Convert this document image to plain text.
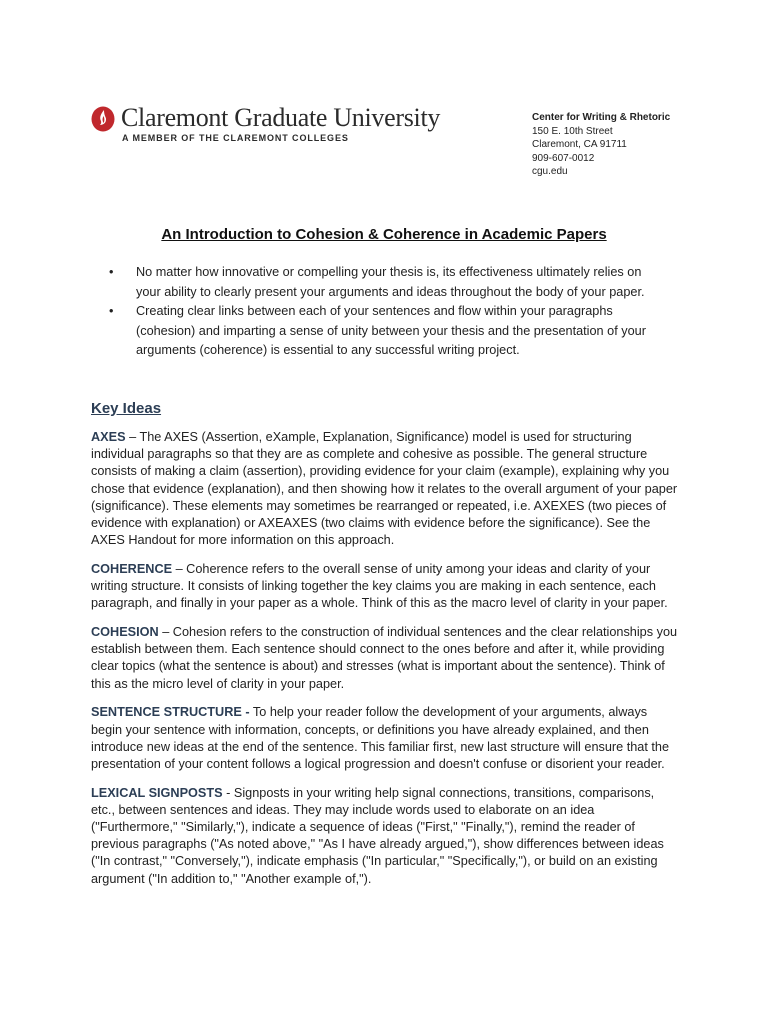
Claremont Graduate University
A MEMBER OF THE CLAREMONT COLLEGES
Center for Writing & Rhetoric
150 E. 10th Street
Claremont, CA 91711
909-607-0012
cgu.edu
An Introduction to Cohesion & Coherence in Academic Papers
• No matter how innovative or compelling your thesis is, its effectiveness ultimately relies on your ability to clearly present your arguments and ideas throughout the body of your paper.
• Creating clear links between each of your sentences and flow within your paragraphs (cohesion) and imparting a sense of unity between your thesis and the presentation of your arguments (coherence) is essential to any successful writing project.
Key Ideas

AXES – The AXES (Assertion, eXample, Explanation, Significance) model is used for structuring individual paragraphs so that they are as complete and cohesive as possible. The general structure consists of making a claim (assertion), providing evidence for your claim (example), explaining why you chose that evidence (explanation), and then showing how it relates to the overall argument of your paper (significance). These elements may sometimes be rearranged or repeated, i.e. AXEXES (two pieces of evidence with explanation) or AXEAXES (two claims with evidence before the significance). See the AXES Handout for more information on this approach.

COHERENCE – Coherence refers to the overall sense of unity among your ideas and clarity of your writing structure. It consists of linking together the key claims you are making in each sentence, each paragraph, and finally in your paper as a whole. Think of this as the macro level of clarity in your paper.

COHESION – Cohesion refers to the construction of individual sentences and the clear relationships you establish between them. Each sentence should connect to the ones before and after it, while providing clear topics (what the sentence is about) and stresses (what is important about the sentence). Think of this as the micro level of clarity in your paper.

SENTENCE STRUCTURE - To help your reader follow the development of your arguments, always begin your sentence with information, concepts, or definitions you have already explained, and then introduce new ideas at the end of the sentence. This familiar first, new last structure will ensure that the presentation of your content follows a logical progression and doesn't confuse or disorient your reader.

LEXICAL SIGNPOSTS - Signposts in your writing help signal connections, transitions, comparisons, etc., between sentences and ideas. They may include words used to elaborate on an idea ("Furthermore," "Similarly,"), indicate a sequence of ideas ("First," "Finally,"), remind the reader of previous paragraphs ("As noted above," "As I have already argued,"), show differences between ideas ("In contrast," "Conversely,"), indicate emphasis ("In particular," "Specifically,"), or build on an existing argument ("In addition to," "Another example of,").
